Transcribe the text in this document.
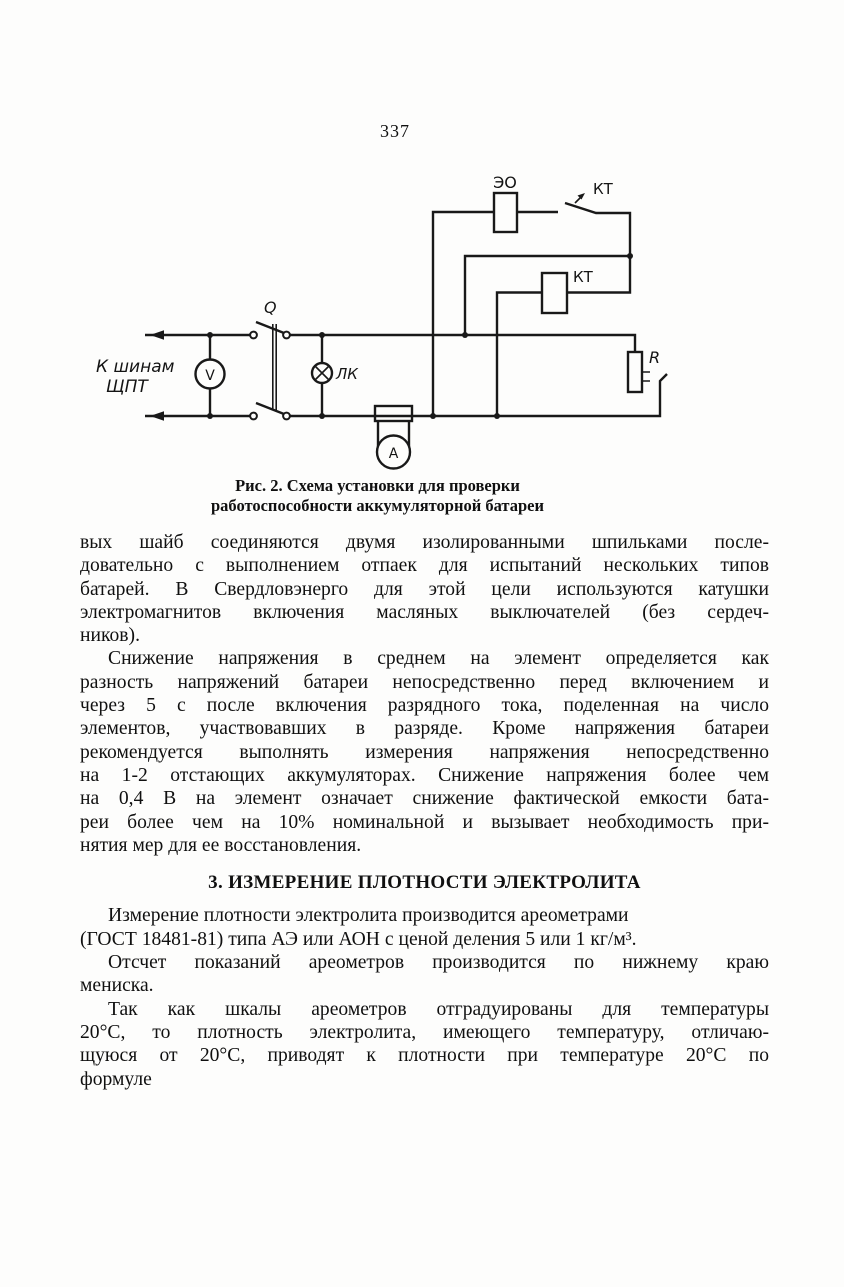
337
ЭО	КТ
КТ
Q
ЛК
R
V
A
К шинам
ЩПТ
Рис. 2. Схема установки для проверки
работоспособности аккумуляторной батареи
вых шайб соединяются двумя изолированными шпильками после-
довательно с выполнением отпаек для испытаний нескольких типов
батарей. В Свердловэнерго для этой цели используются катушки
электромагнитов включения масляных выключателей (без сердеч-
ников).
Снижение напряжения в среднем на элемент определяется как
разность напряжений батареи непосредственно перед включением и
через 5 с после включения разрядного тока, поделенная на число
элементов, участвовавших в разряде. Кроме напряжения батареи
рекомендуется выполнять измерения напряжения непосредственно
на 1-2 отстающих аккумуляторах. Снижение напряжения более чем
на 0,4 В на элемент означает снижение фактической емкости бата-
реи более чем на 10% номинальной и вызывает необходимость при-
нятия мер для ее восстановления.
3. ИЗМЕРЕНИЕ ПЛОТНОСТИ ЭЛЕКТРОЛИТА
Измерение плотности электролита производится ареометрами
(ГОСТ 18481-81) типа АЭ или АОН с ценой деления 5 или 1 кг/м³.
Отсчет показаний ареометров производится по нижнему краю
мениска.
Так как шкалы ареометров отградуированы для температуры
20°С, то плотность электролита, имеющего температуру, отличаю-
щуюся от 20°С, приводят к плотности при температуре 20°С по
формуле
